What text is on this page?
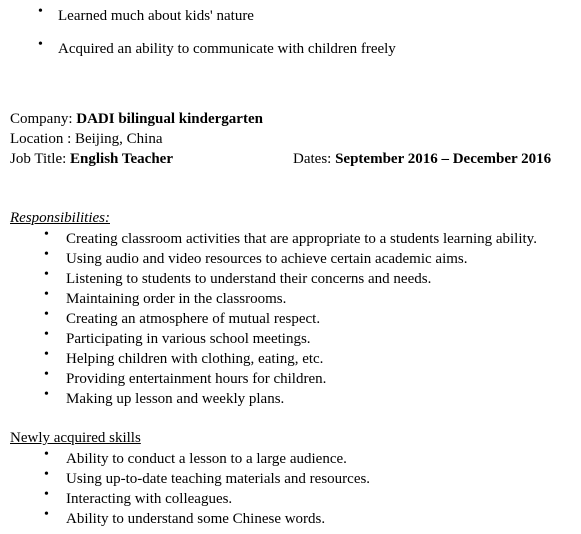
• Learned much about kids' nature
• Acquired an ability to communicate with children freely
Company: DADI bilingual kindergarten
Location : Beijing, China
Job Title: English Teacher	Dates: September 2016 – December 2016
Responsibilities:
• Creating classroom activities that are appropriate to a students learning ability.
• Using audio and video resources to achieve certain academic aims.
• Listening to students to understand their concerns and needs.
• Maintaining order in the classrooms.
• Creating an atmosphere of mutual respect.
• Participating in various school meetings.
• Helping children with clothing, eating, etc.
• Providing entertainment hours for children.
• Making up lesson and weekly plans.
Newly acquired skills
• Ability to conduct a lesson to a large audience.
• Using up-to-date teaching materials and resources.
• Interacting with colleagues.
• Ability to understand some Chinese words.
